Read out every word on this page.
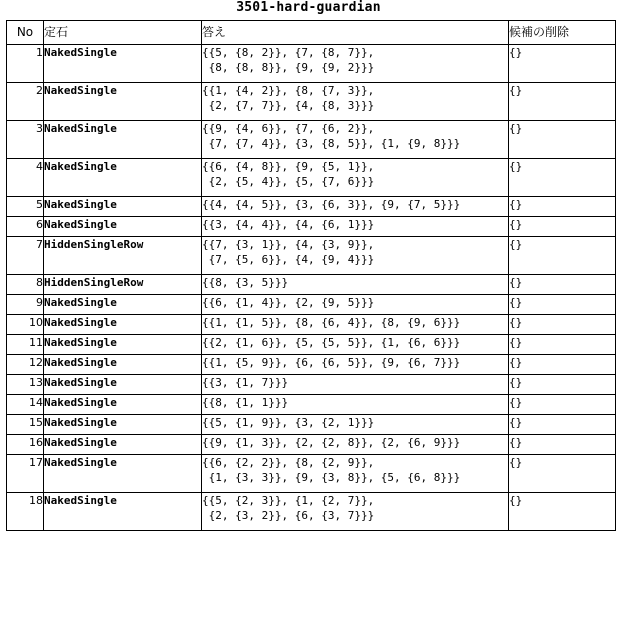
3501-hard-guardian
No	定石	答え	候補の削除
1	NakedSingle	{{5, {8, 2}}, {7, {8, 7}},
{8, {8, 8}}, {9, {9, 2}}}	{}
2	NakedSingle	{{1, {4, 2}}, {8, {7, 3}},
{2, {7, 7}}, {4, {8, 3}}}	{}
3	NakedSingle	{{9, {4, 6}}, {7, {6, 2}},
{7, {7, 4}}, {3, {8, 5}}, {1, {9, 8}}}	{}
4	NakedSingle	{{6, {4, 8}}, {9, {5, 1}},
{2, {5, 4}}, {5, {7, 6}}}	{}
5	NakedSingle	{{4, {4, 5}}, {3, {6, 3}}, {9, {7, 5}}}	{}
6	NakedSingle	{{3, {4, 4}}, {4, {6, 1}}}	{}
7	HiddenSingleRow	{{7, {3, 1}}, {4, {3, 9}},
{7, {5, 6}}, {4, {9, 4}}}	{}
8	HiddenSingleRow	{{8, {3, 5}}}	{}
9	NakedSingle	{{6, {1, 4}}, {2, {9, 5}}}	{}
10	NakedSingle	{{1, {1, 5}}, {8, {6, 4}}, {8, {9, 6}}}	{}
11	NakedSingle	{{2, {1, 6}}, {5, {5, 5}}, {1, {6, 6}}}	{}
12	NakedSingle	{{1, {5, 9}}, {6, {6, 5}}, {9, {6, 7}}}	{}
13	NakedSingle	{{3, {1, 7}}}	{}
14	NakedSingle	{{8, {1, 1}}}	{}
15	NakedSingle	{{5, {1, 9}}, {3, {2, 1}}}	{}
16	NakedSingle	{{9, {1, 3}}, {2, {2, 8}}, {2, {6, 9}}}	{}
17	NakedSingle	{{6, {2, 2}}, {8, {2, 9}},
{1, {3, 3}}, {9, {3, 8}}, {5, {6, 8}}}	{}
18	NakedSingle	{{5, {2, 3}}, {1, {2, 7}},
{2, {3, 2}}, {6, {3, 7}}}	{}
